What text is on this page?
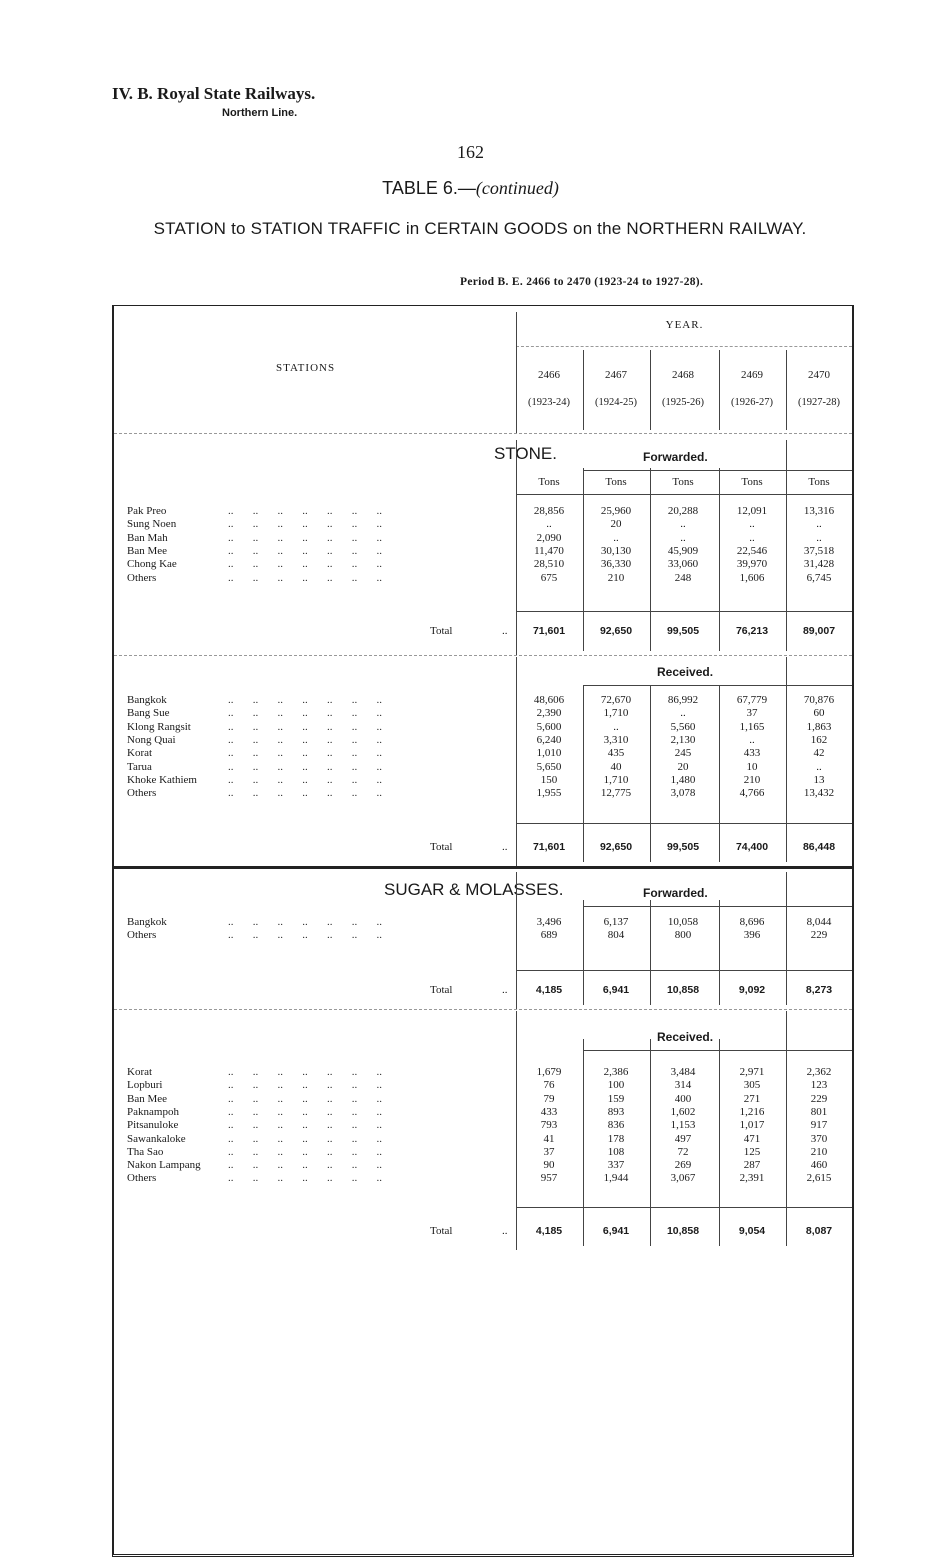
IV. B. Royal State Railways.
Northern Line.
162
TABLE 6.—(continued)
STATION to STATION TRAFFIC in CERTAIN GOODS on the NORTHERN RAILWAY.
Period B. E. 2466 to 2470 (1923-24 to 1927-28).
YEAR.
STATIONS
2466
(1923-24)
2467
(1924-25)
2468
(1925-26)
2469
(1926-27)
2470
(1927-28)
STONE.	Forwarded.
Tons	Tons	Tons	Tons	Tons
Pak Preo	..       ..       ..       ..       ..       ..       ..	28,856	25,960	20,288	12,091	13,316
Sung Noen	..       ..       ..       ..       ..       ..       ..	..	20	..	..	..
Ban Mah	..       ..       ..       ..       ..       ..       ..	2,090	..	..	..	..
Ban Mee	..       ..       ..       ..       ..       ..       ..	11,470	30,130	45,909	22,546	37,518
Chong Kae	..       ..       ..       ..       ..       ..       ..	28,510	36,330	33,060	39,970	31,428
Others	..       ..       ..       ..       ..       ..       ..	675	210	248	1,606	6,745
Total	..	71,601	92,650	99,505	76,213	89,007
Received.
Bangkok	..       ..       ..       ..       ..       ..       ..	48,606	72,670	86,992	67,779	70,876
Bang Sue	..       ..       ..       ..       ..       ..       ..	2,390	1,710	..	37	60
Klong Rangsit	..       ..       ..       ..       ..       ..       ..	5,600	..	5,560	1,165	1,863
Nong Quai	..       ..       ..       ..       ..       ..       ..	6,240	3,310	2,130	..	162
Korat	..       ..       ..       ..       ..       ..       ..	1,010	435	245	433	42
Tarua	..       ..       ..       ..       ..       ..       ..	5,650	40	20	10	..
Khoke Kathiem	..       ..       ..       ..       ..       ..       ..	150	1,710	1,480	210	13
Others	..       ..       ..       ..       ..       ..       ..	1,955	12,775	3,078	4,766	13,432
Total	..	71,601	92,650	99,505	74,400	86,448
SUGAR & MOLASSES.	Forwarded.
Bangkok	..       ..       ..       ..       ..       ..       ..	3,496	6,137	10,058	8,696	8,044
Others	..       ..       ..       ..       ..       ..       ..	689	804	800	396	229
Total	..	4,185	6,941	10,858	9,092	8,273
Received.
Korat	..       ..       ..       ..       ..       ..       ..	1,679	2,386	3,484	2,971	2,362
Lopburi	..       ..       ..       ..       ..       ..       ..	76	100	314	305	123
Ban Mee	..       ..       ..       ..       ..       ..       ..	79	159	400	271	229
Paknampoh	..       ..       ..       ..       ..       ..       ..	433	893	1,602	1,216	801
Pitsanuloke	..       ..       ..       ..       ..       ..       ..	793	836	1,153	1,017	917
Sawankaloke	..       ..       ..       ..       ..       ..       ..	41	178	497	471	370
Tha Sao	..       ..       ..       ..       ..       ..       ..	37	108	72	125	210
Nakon Lampang ..       ..       ..       ..       ..       ..       ..	90	337	269	287	460
Others	..       ..       ..       ..       ..       ..       ..	957	1,944	3,067	2,391	2,615
Total	..	4,185	6,941	10,858	9,054	8,087
